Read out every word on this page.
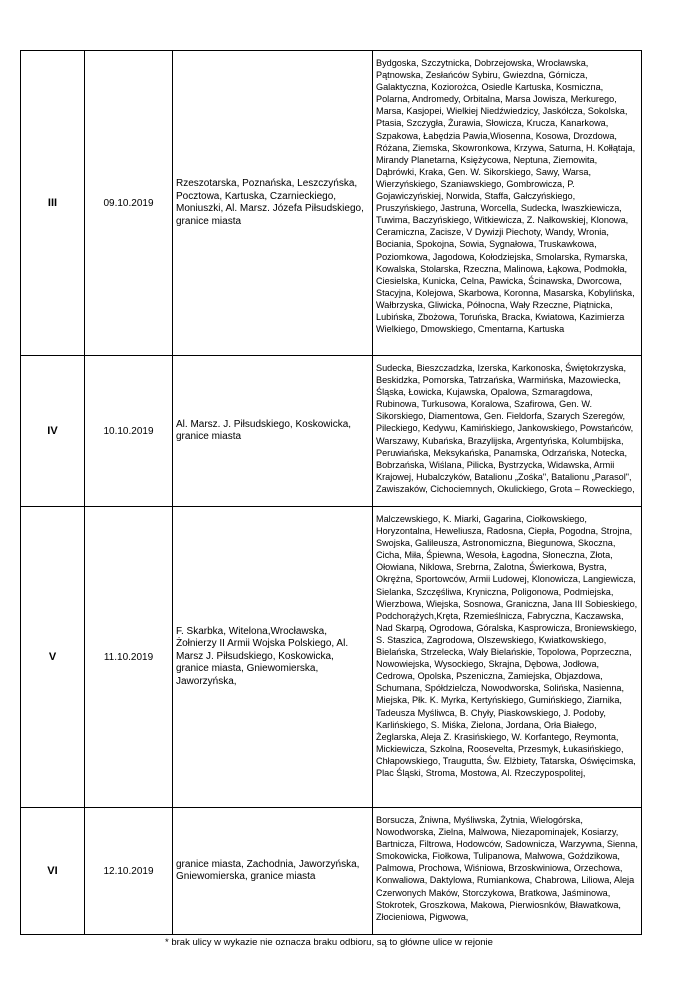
III	09.10.2019	Rzeszotarska, Poznańska, Leszczyńska, Pocztowa, Kartuska, Czarnieckiego, Moniuszki, Al. Marsz. Józefa Piłsudskiego, granice miasta	Bydgoska, Szczytnicka, Dobrzejowska, Wrocławska, Pątnowska, Zesłańców Sybiru, Gwiezdna, Górnicza, Galaktyczna, Koziorożca, Osiedle Kartuska, Kosmiczna, Polarna, Andromedy, Orbitalna, Marsa Jowisza, Merkurego, Marsa, Kasjopei, Wielkiej Niedźwiedzicy, Jaskółcza, Sokolska, Ptasia, Szczygła, Żurawia, Słowicza, Krucza, Kanarkowa, Szpakowa, Łabędzia Pawia,Wiosenna, Kosowa, Drozdowa, Różana, Ziemska, Skowronkowa, Krzywa, Saturna, H. Kołłątaja, Mirandy Planetarna, Księżycowa, Neptuna, Ziemowita, Dąbrówki, Kraka, Gen. W. Sikorskiego, Sawy, Warsa, Wierzyńskiego, Szaniawskiego, Gombrowicza, P. Gojawiczyńskiej, Norwida, Staffa, Gałczyńskiego, Pruszyńskiego, Jastruna, Worcella, Sudecka, Iwaszkiewicza, Tuwima, Baczyńskiego, Witkiewicza, Z. Nałkowskiej, Klonowa, Ceramiczna, Zacisze, V Dywizji Piechoty, Wandy, Wronia, Bociania, Spokojna, Sowia, Sygnałowa, Truskawkowa, Poziomkowa, Jagodowa, Kołodziejska, Smolarska, Rymarska, Kowalska, Stolarska, Rzeczna, Malinowa, Łąkowa, Podmokła, Ciesielska, Kunicka, Celna, Pawicka, Ścinawska, Dworcowa, Stacyjna, Kolejowa, Skarbowa, Koronna, Masarska, Kobylińska, Wałbrzyska, Gliwicka, Północna, Wały Rzeczne, Piątnicka, Lubińska, Zbożowa, Toruńska, Bracka, Kwiatowa, Kazimierza Wielkiego, Dmowskiego, Cmentarna, Kartuska
IV	10.10.2019	Al. Marsz. J. Piłsudskiego, Koskowicka, granice miasta	Sudecka, Bieszczadzka, Izerska, Karkonoska, Świętokrzyska, Beskidzka, Pomorska, Tatrzańska, Warmińska, Mazowiecka, Śląska, Łowicka, Kujawska, Opalowa, Szmaragdowa, Rubinowa, Turkusowa, Koralowa, Szafirowa, Gen. W. Sikorskiego, Diamentowa, Gen. Fieldorfa, Szarych Szeregów, Pileckiego, Kedywu, Kamińskiego, Jankowskiego, Powstańców, Warszawy, Kubańska, Brazylijska, Argentyńska, Kolumbijska, Peruwiańska, Meksykańska, Panamska, Odrzańska, Notecka, Bobrzańska, Wiślana, Pilicka, Bystrzycka, Widawska, Armii Krajowej, Hubalczyków, Batalionu „Zośka", Batalionu „Parasol", Zawiszaków, Cichociemnych, Okulickiego, Grota – Roweckiego,
V	11.10.2019	F. Skarbka, Witelona,Wrocławska, Żołnierzy II Armii Wojska Polskiego, Al. Marsz J. Piłsudskiego, Koskowicka, granice miasta, Gniewomierska, Jaworzyńska,	Malczewskiego, K. Miarki, Gagarina, Ciołkowskiego, Horyzontalna, Heweliusza, Radosna, Ciepła, Pogodna, Strojna, Swojska, Galileusza, Astronomiczna, Biegunowa, Skoczna, Cicha, Miła, Śpiewna, Wesoła, Łagodna, Słoneczna, Złota, Ołowiana, Niklowa, Srebrna, Zalotna, Świerkowa, Bystra, Okrężna, Sportowców, Armii Ludowej, Klonowicza, Langiewicza, Sielanka, Szczęśliwa, Kryniczna, Poligonowa, Podmiejska, Wierzbowa, Wiejska, Sosnowa, Graniczna, Jana III Sobieskiego, Podchorążych,Kręta, Rzemieślnicza, Fabryczna, Kaczawska, Nad Skarpą, Ogrodowa, Góralska, Kasprowicza, Broniewskiego, S. Staszica, Zagrodowa, Olszewskiego, Kwiatkowskiego, Bielańska, Strzelecka, Wały Bielańskie, Topolowa, Poprzeczna, Nowowiejska, Wysockiego, Skrajna, Dębowa, Jodłowa, Cedrowa, Opolska, Pszeniczna, Zamiejska, Objazdowa, Schumana, Spółdzielcza, Nowodworska, Solińska, Nasienna, Miejska, Płk. K. Myrka, Kertyńskiego, Gumińskiego, Ziarnika, Tadeusza Myśliwca, B. Chyły, Piaskowskiego, J. Podoby, Karlińskiego, S. Miśka, Zielona, Jordana, Orła Białego, Żeglarska, Aleja Z. Krasińskiego, W. Korfantego, Reymonta, Mickiewicza, Szkolna, Roosevelta, Przesmyk, Łukasińskiego, Chłapowskiego, Traugutta, Św. Elżbiety, Tatarska, Oświęcimska, Plac Śląski, Stroma, Mostowa, Al. Rzeczypospolitej,
VI	12.10.2019	granice miasta, Zachodnia, Jaworzyńska, Gniewomierska, granice miasta	Borsucza, Żniwna, Myśliwska, Żytnia, Wielogórska, Nowodworska, Zielna, Malwowa, Niezapominajek, Kosiarzy, Bartnicza, Filtrowa, Hodowców, Sadownicza, Warzywna, Sienna, Smokowicka, Fiołkowa, Tulipanowa, Malwowa, Goździkowa, Palmowa, Prochowa, Wiśniowa, Brzoskwiniowa, Orzechowa, Konwaliowa, Daktylowa, Rumiankowa, Chabrowa, Liliowa, Aleja Czerwonych Maków, Storczykowa, Bratkowa, Jaśminowa, Stokrotek, Groszkowa, Makowa, Pierwiosnków, Bławatkowa, Złocieniowa, Pigwowa,
* brak ulicy w wykazie nie oznacza braku odbioru, są to główne ulice w rejonie
